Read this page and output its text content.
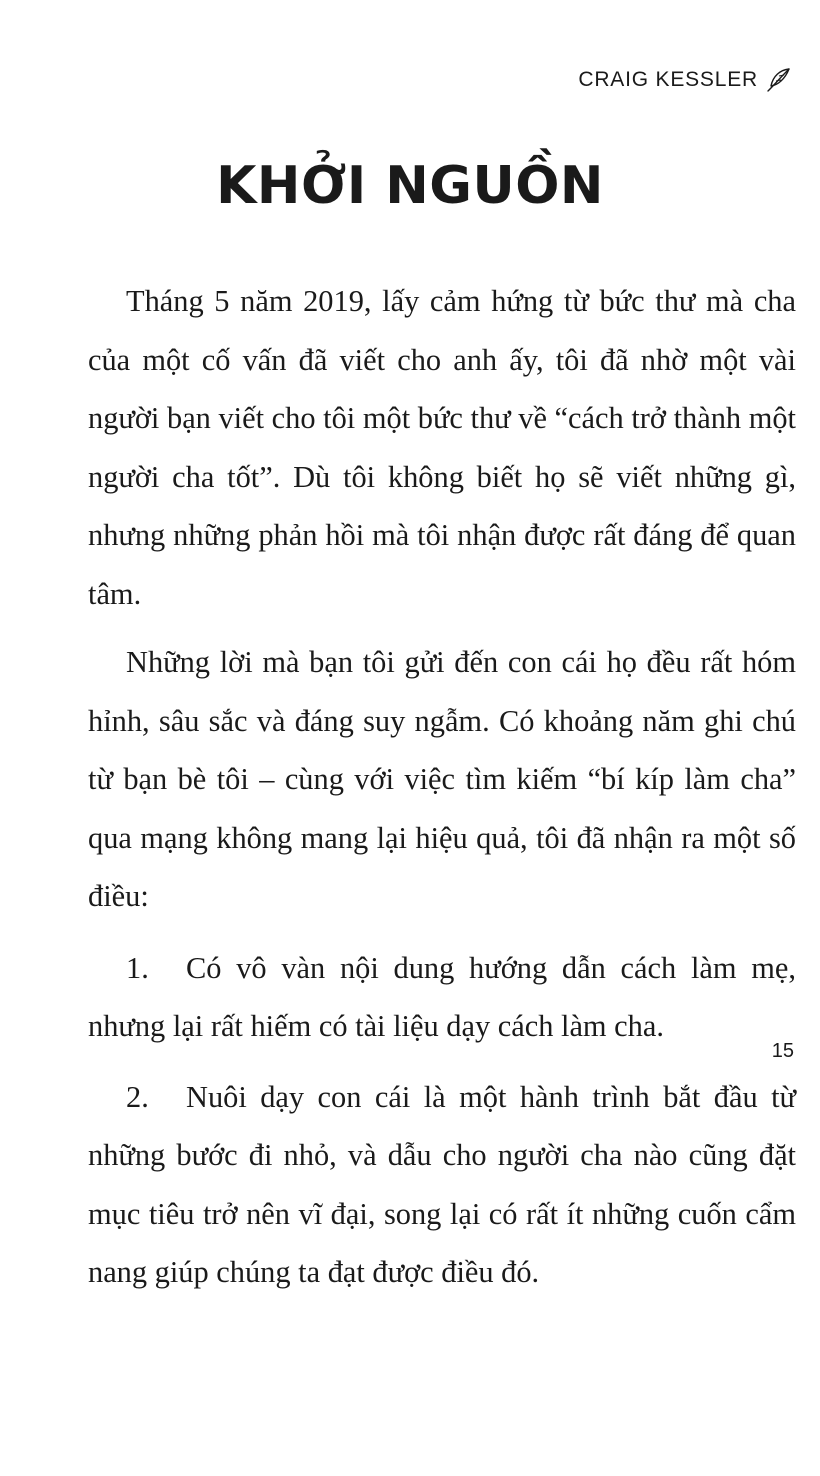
CRAIG KESSLER
KHỞI NGUỒN

Tháng 5 năm 2019, lấy cảm hứng từ bức thư mà cha của một cố vấn đã viết cho anh ấy, tôi đã nhờ một vài người bạn viết cho tôi một bức thư về “cách trở thành một người cha tốt”. Dù tôi không biết họ sẽ viết những gì, nhưng những phản hồi mà tôi nhận được rất đáng để quan tâm.

Những lời mà bạn tôi gửi đến con cái họ đều rất hóm hỉnh, sâu sắc và đáng suy ngẫm. Có khoảng năm ghi chú từ bạn bè tôi – cùng với việc tìm kiếm “bí kíp làm cha” qua mạng không mang lại hiệu quả, tôi đã nhận ra một số điều:

1. Có vô vàn nội dung hướng dẫn cách làm mẹ, nhưng lại rất hiếm có tài liệu dạy cách làm cha.

2. Nuôi dạy con cái là một hành trình bắt đầu từ những bước đi nhỏ, và dẫu cho người cha nào cũng đặt mục tiêu trở nên vĩ đại, song lại có rất ít những cuốn cẩm nang giúp chúng ta đạt được điều đó.

15
